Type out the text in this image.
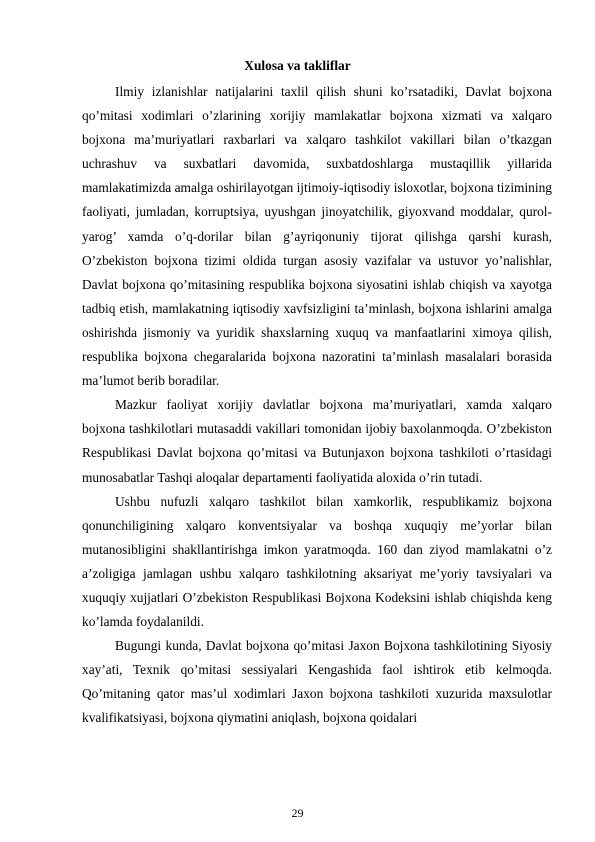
Xulosa va takliflar

Ilmiy izlanishlar natijalarini taxlil qilish shuni ko’rsatadiki, Davlat bojxona qo’mitasi xodimlari o’zlarining xorijiy mamlakatlar bojxona xizmati va xalqaro bojxona ma’muriyatlari raxbarlari va xalqaro tashkilot vakillari bilan o’tkazgan uchrashuv va suxbatlari davomida, suxbatdoshlarga mustaqillik yillarida mamlakatimizda amalga oshirilayotgan ijtimoiy-iqtisodiy isloxotlar, bojxona tizimining faoliyati, jumladan, korruptsiya, uyushgan jinoyatchilik, giyoxvand moddalar, qurol-yarog’ xamda o’q-dorilar bilan g’ayriqonuniy tijorat qilishga qarshi kurash, O’zbekiston bojxona tizimi oldida turgan asosiy vazifalar va ustuvor yo’nalishlar, Davlat bojxona qo’mitasining respublika bojxona siyosatini ishlab chiqish va xayotga tadbiq etish, mamlakatning iqtisodiy xavfsizligini ta’minlash, bojxona ishlarini amalga oshirishda jismoniy va yuridik shaxslarning xuquq va manfaatlarini ximoya qilish, respublika bojxona chegaralarida bojxona nazoratini ta’minlash masalalari borasida ma’lumot berib boradilar.

Mazkur faoliyat xorijiy davlatlar bojxona ma’muriyatlari, xamda xalqaro bojxona tashkilotlari mutasaddi vakillari tomonidan ijobiy baxolanmoqda. O’zbekiston Respublikasi Davlat bojxona qo’mitasi va Butunjaxon bojxona tashkiloti o’rtasidagi munosabatlar Tashqi aloqalar departamenti faoliyatida aloxida o’rin tutadi.

Ushbu nufuzli xalqaro tashkilot bilan xamkorlik, respublikamiz bojxona qonunchiligining xalqaro konventsiyalar va boshqa xuquqiy me’yorlar bilan mutanosibligini shakllantirishga imkon yaratmoqda. 160 dan ziyod mamlakatni o’z a’zoligiga jamlagan ushbu xalqaro tashkilotning aksariyat me’yoriy tavsiyalari va xuquqiy xujjatlari O’zbekiston Respublikasi Bojxona Kodeksini ishlab chiqishda keng ko’lamda foydalanildi.

Bugungi kunda, Davlat bojxona qo’mitasi Jaxon Bojxona tashkilotining Siyosiy xay’ati, Texnik qo’mitasi sessiyalari Kengashida faol ishtirok etib kelmoqda. Qo’mitaning qator mas’ul xodimlari Jaxon bojxona tashkiloti xuzurida maxsulotlar kvalifikatsiyasi, bojxona qiymatini aniqlash, bojxona qoidalari

29
